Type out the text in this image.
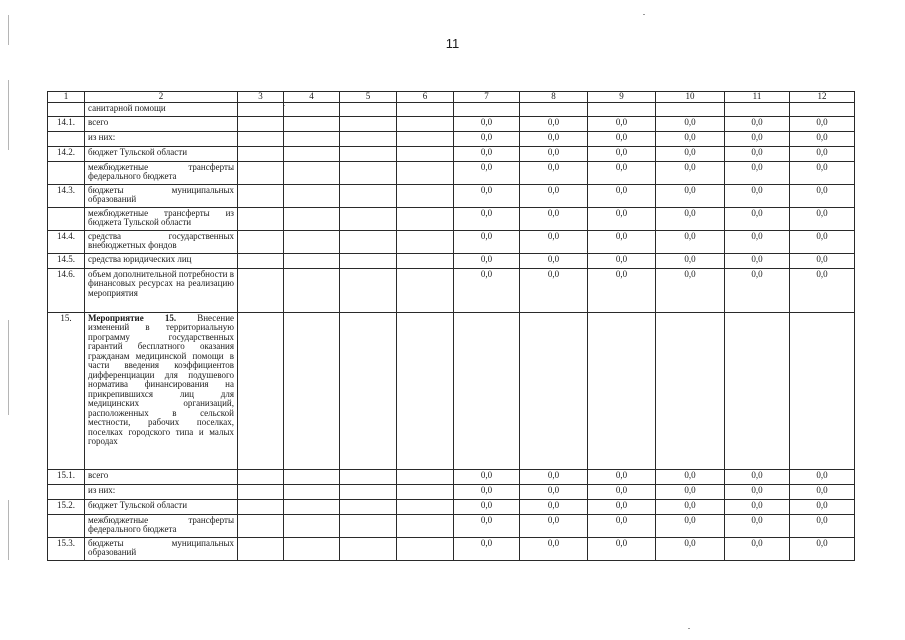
11
1	2	3	4	5	6	7	8	9	10	11	12
	санитарной помощи										
14.1.	всего					0,0	0,0	0,0	0,0	0,0	0,0
	из них:					0,0	0,0	0,0	0,0	0,0	0,0
14.2.	бюджет Тульской области					0,0	0,0	0,0	0,0	0,0	0,0
	межбюджетные трансферты федерального бюджета					0,0	0,0	0,0	0,0	0,0	0,0
14.3.	бюджеты муниципальных образований					0,0	0,0	0,0	0,0	0,0	0,0
	межбюджетные трансферты из бюджета Тульской области					0,0	0,0	0,0	0,0	0,0	0,0
14.4.	средства государственных внебюджетных фондов					0,0	0,0	0,0	0,0	0,0	0,0
14.5.	средства юридических лиц					0,0	0,0	0,0	0,0	0,0	0,0
14.6.	объем дополнительной потребности в финансовых ресурсах на реализацию мероприятия					0,0	0,0	0,0	0,0	0,0	0,0
15.	Мероприятие 15. Внесение изменений в территориальную программу государственных гарантий бесплатного оказания гражданам медицинской помощи в части введения коэффициентов дифференциации для подушевого норматива финансирования на прикрепившихся лиц для медицинских организаций, расположенных в сельской местности, рабочих поселках, поселках городского типа и малых городах										
15.1.	всего					0,0	0,0	0,0	0,0	0,0	0,0
	из них:					0,0	0,0	0,0	0,0	0,0	0,0
15.2.	бюджет Тульской области					0,0	0,0	0,0	0,0	0,0	0,0
	межбюджетные трансферты федерального бюджета					0,0	0,0	0,0	0,0	0,0	0,0
15.3.	бюджеты муниципальных образований					0,0	0,0	0,0	0,0	0,0	0,0
